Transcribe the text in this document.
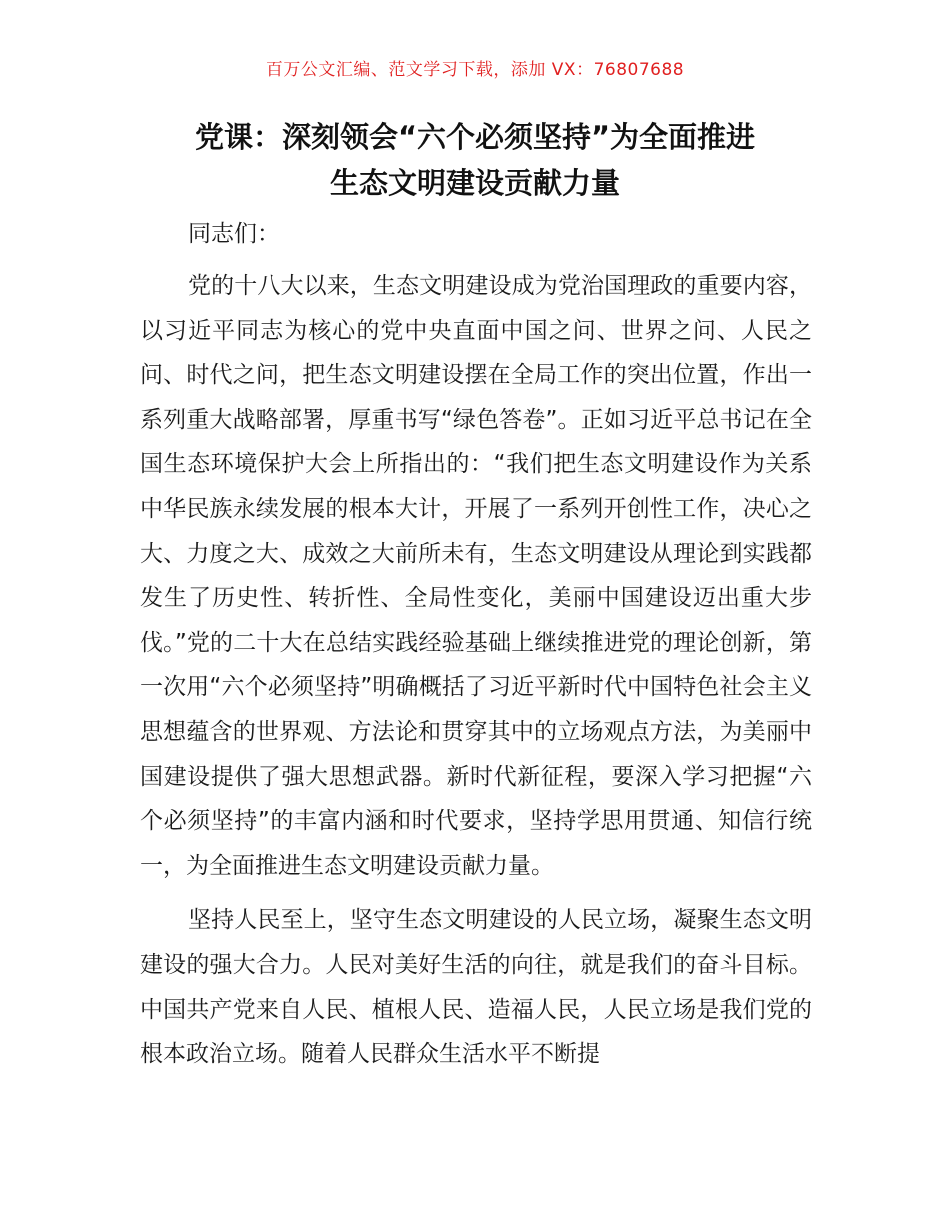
百万公文汇编、范文学习下载，添加 VX：76807688
党课：深刻领会“六个必须坚持”为全面推进
生态文明建设贡献力量

同志们：

党的十八大以来，生态文明建设成为党治国理政的重要内容，以习近平同志为核心的党中央直面中国之问、世界之问、人民之问、时代之问，把生态文明建设摆在全局工作的突出位置，作出一系列重大战略部署，厚重书写“绿色答卷”。正如习近平总书记在全国生态环境保护大会上所指出的：“我们把生态文明建设作为关系中华民族永续发展的根本大计，开展了一系列开创性工作，决心之大、力度之大、成效之大前所未有，生态文明建设从理论到实践都发生了历史性、转折性、全局性变化，美丽中国建设迈出重大步伐。”党的二十大在总结实践经验基础上继续推进党的理论创新，第一次用“六个必须坚持”明确概括了习近平新时代中国特色社会主义思想蕴含的世界观、方法论和贯穿其中的立场观点方法，为美丽中国建设提供了强大思想武器。新时代新征程，要深入学习把握“六个必须坚持”的丰富内涵和时代要求，坚持学思用贯通、知信行统一，为全面推进生态文明建设贡献力量。

坚持人民至上，坚守生态文明建设的人民立场，凝聚生态文明建设的强大合力。人民对美好生活的向往，就是我们的奋斗目标。中国共产党来自人民、植根人民、造福人民，人民立场是我们党的根本政治立场。随着人民群众生活水平不断提
